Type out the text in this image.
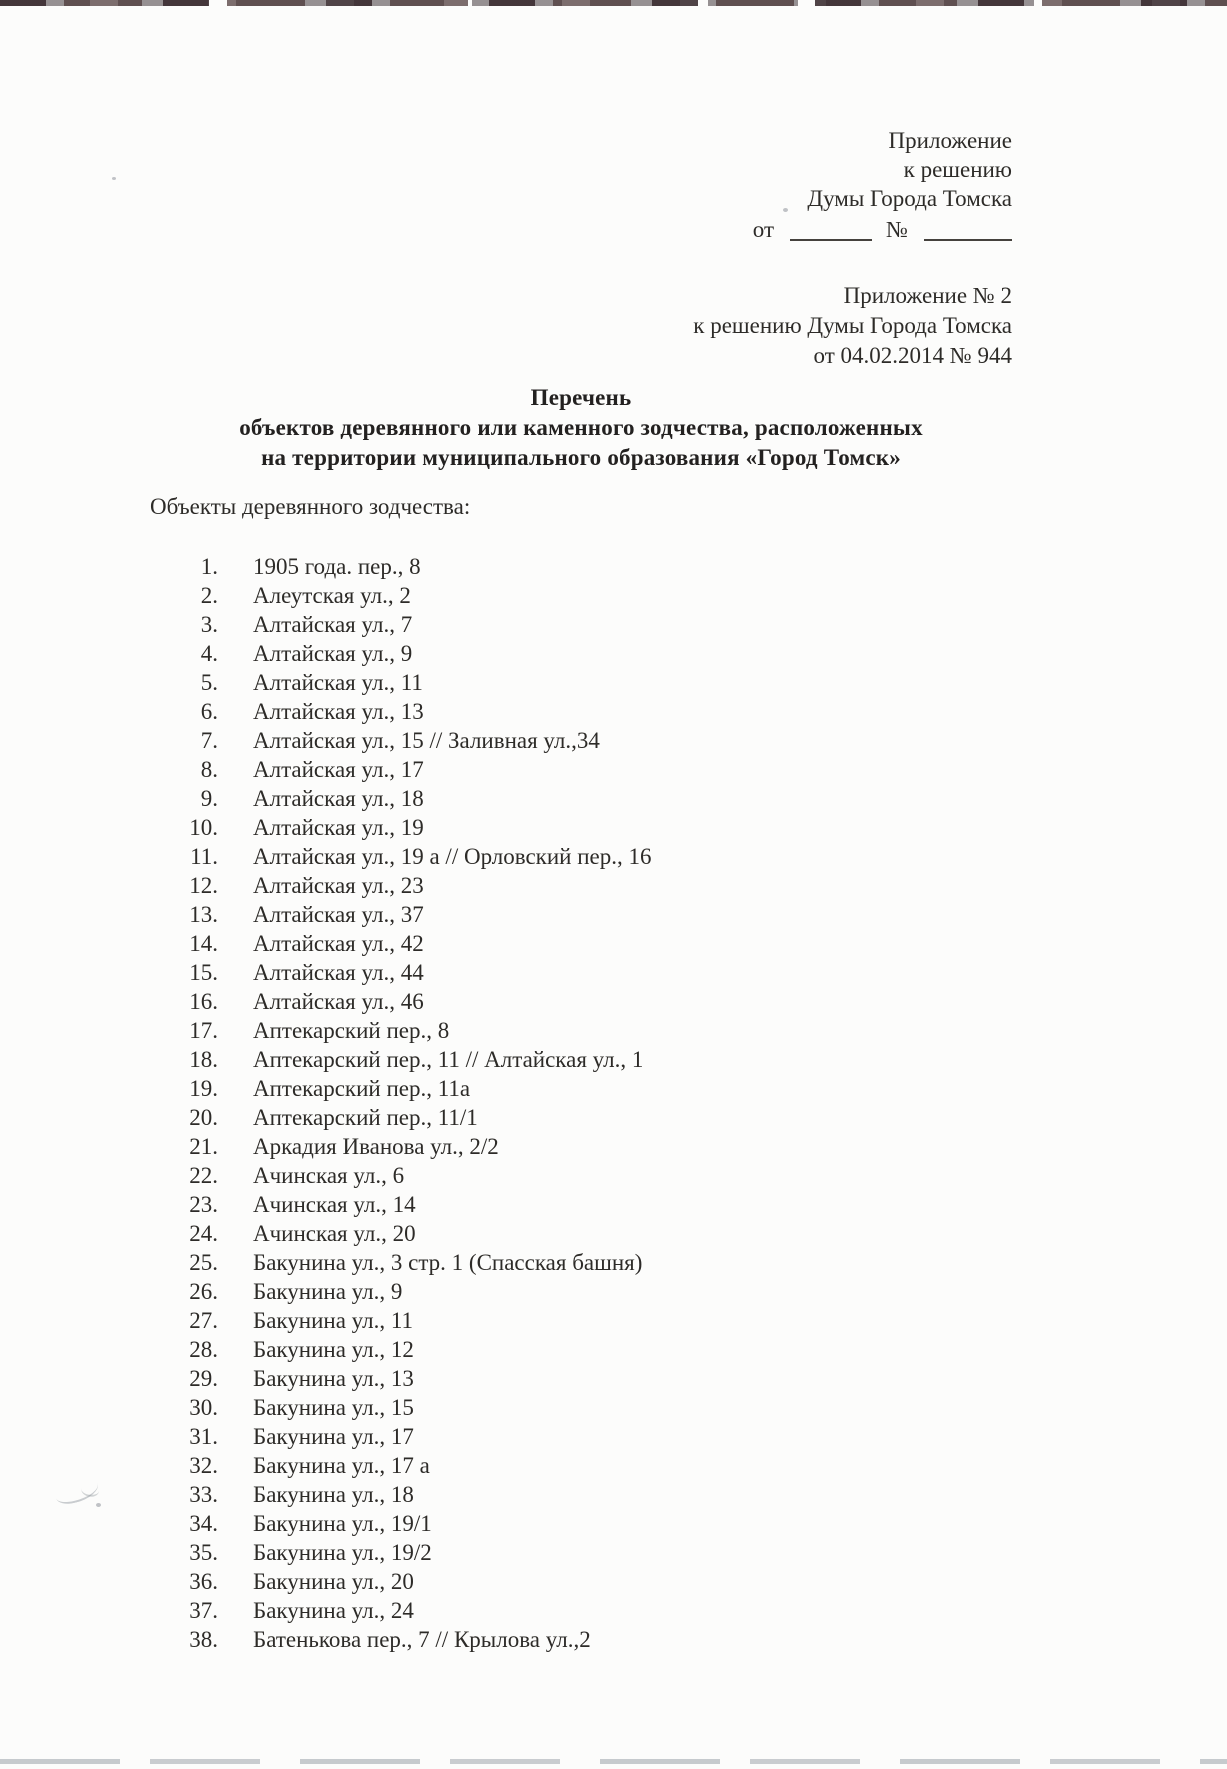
Приложение
к решению
Думы Города Томска
от	№
Приложение № 2
к решению Думы Города Томска
от 04.02.2014 № 944
Перечень
объектов деревянного или каменного зодчества, расположенных
на территории муниципального образования «Город Томск»
Объекты деревянного зодчества:
1. 1905 года. пер., 8
2. Алеутская ул., 2
3. Алтайская ул., 7
4. Алтайская ул., 9
5. Алтайская ул., 11
6. Алтайская ул., 13
7. Алтайская ул., 15 // Заливная ул.,34
8. Алтайская ул., 17
9. Алтайская ул., 18
10. Алтайская ул., 19
11. Алтайская ул., 19 а // Орловский пер., 16
12. Алтайская ул., 23
13. Алтайская ул., 37
14. Алтайская ул., 42
15. Алтайская ул., 44
16. Алтайская ул., 46
17. Аптекарский пер., 8
18. Аптекарский пер., 11 // Алтайская ул., 1
19. Аптекарский пер., 11а
20. Аптекарский пер., 11/1
21. Аркадия Иванова ул., 2/2
22. Ачинская ул., 6
23. Ачинская ул., 14
24. Ачинская ул., 20
25. Бакунина ул., 3 стр. 1 (Спасская башня)
26. Бакунина ул., 9
27. Бакунина ул., 11
28. Бакунина ул., 12
29. Бакунина ул., 13
30. Бакунина ул., 15
31. Бакунина ул., 17
32. Бакунина ул., 17 а
33. Бакунина ул., 18
34. Бакунина ул., 19/1
35. Бакунина ул., 19/2
36. Бакунина ул., 20
37. Бакунина ул., 24
38. Батенькова пер., 7 // Крылова ул.,2
